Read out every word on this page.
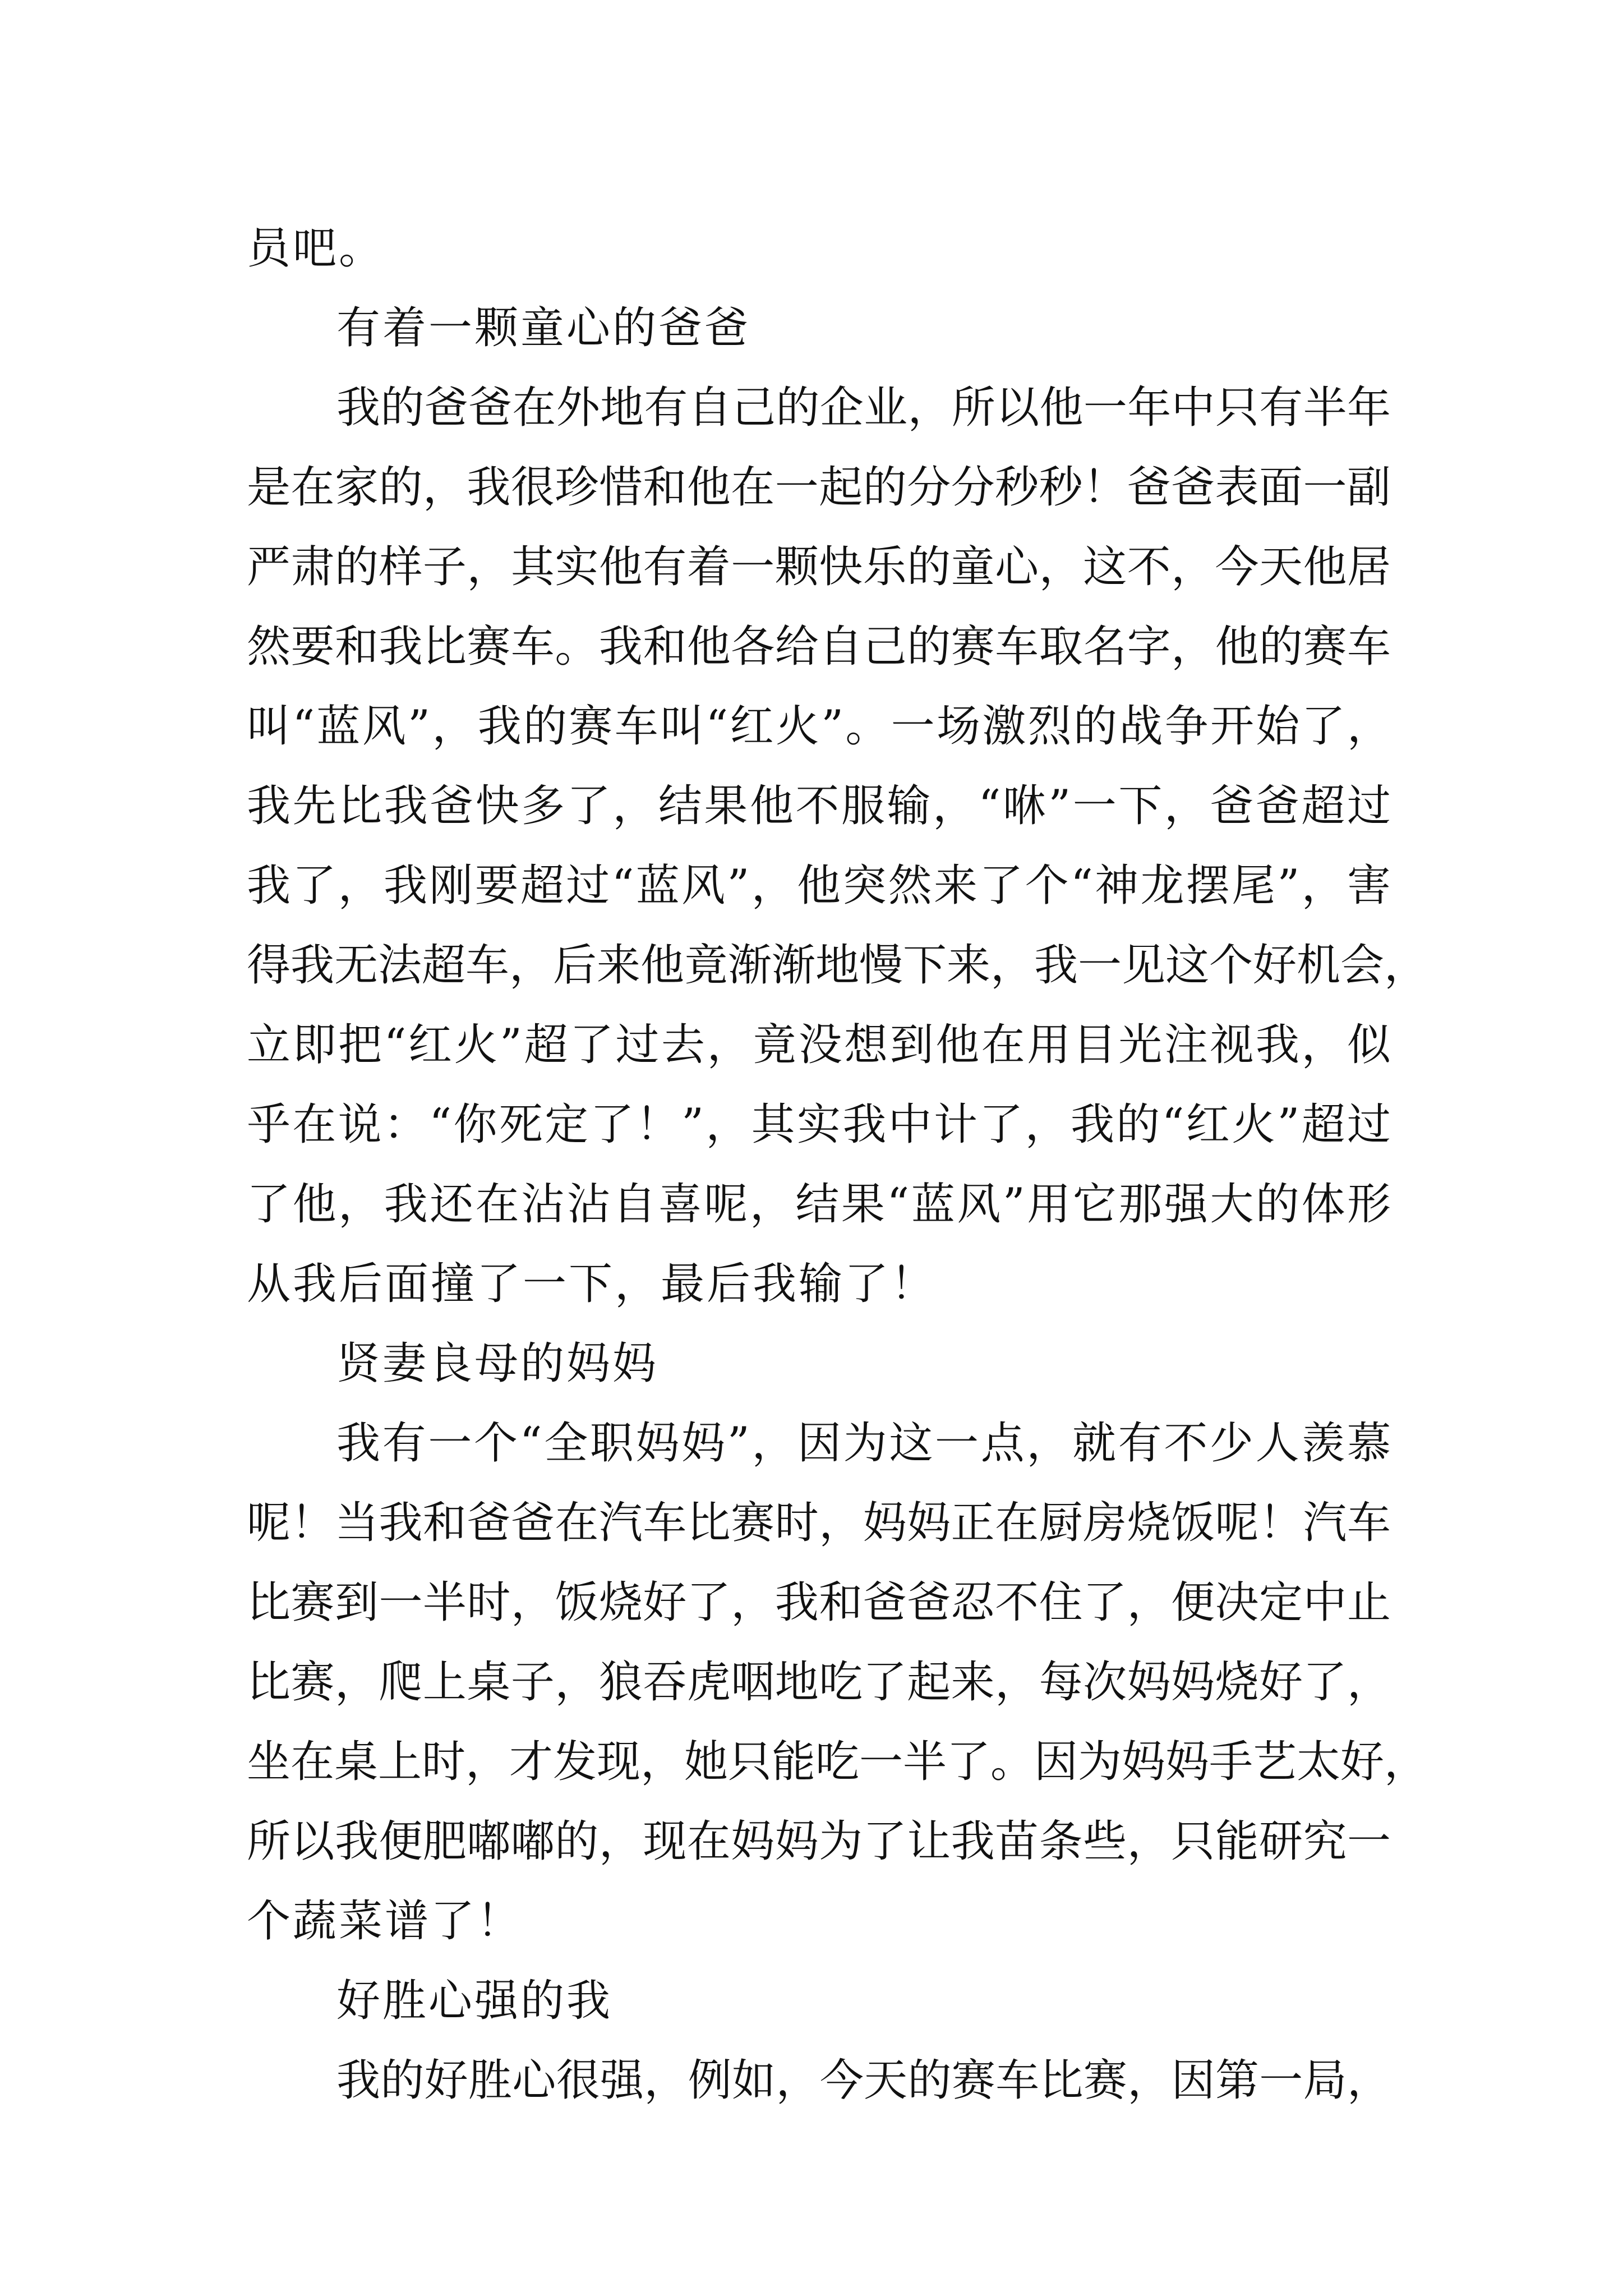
员吧。
有着一颗童心的爸爸
我的爸爸在外地有自己的企业，所以他一年中只有半年
是在家的，我很珍惜和他在一起的分分秒秒！爸爸表面一副
严肃的样子，其实他有着一颗快乐的童心，这不，今天他居
然要和我比赛车。我和他各给自己的赛车取名字，他的赛车
叫“蓝风”，我的赛车叫“红火”。一场激烈的战争开始了，
我先比我爸快多了，结果他不服输，“咻”一下，爸爸超过
我了，我刚要超过“蓝风”，他突然来了个“神龙摆尾”，害
得我无法超车，后来他竟渐渐地慢下来，我一见这个好机会，
立即把“红火”超了过去，竟没想到他在用目光注视我，似
乎在说：“你死定了！”，其实我中计了，我的“红火”超过
了他，我还在沾沾自喜呢，结果“蓝风”用它那强大的体形
从我后面撞了一下，最后我输了！
贤妻良母的妈妈
我有一个“全职妈妈”，因为这一点，就有不少人羡慕
呢！当我和爸爸在汽车比赛时，妈妈正在厨房烧饭呢！汽车
比赛到一半时，饭烧好了，我和爸爸忍不住了，便决定中止
比赛，爬上桌子，狼吞虎咽地吃了起来，每次妈妈烧好了，
坐在桌上时，才发现，她只能吃一半了。因为妈妈手艺太好，
所以我便肥嘟嘟的，现在妈妈为了让我苗条些，只能研究一
个蔬菜谱了！
好胜心强的我
我的好胜心很强，例如，今天的赛车比赛，因第一局，
